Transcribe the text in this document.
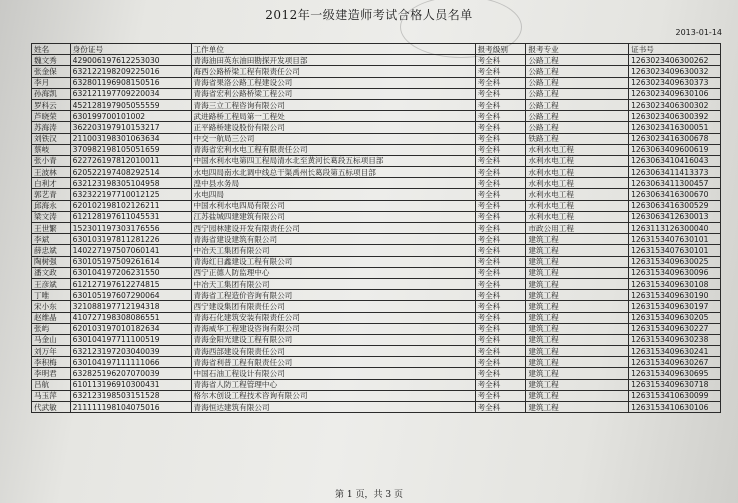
2012年一级建造师考试合格人员名单
2013-01-14
姓名	身份证号	工作单位	报考级别	报考专业	证书号
魏文秀	42900619761225303​0	青海油田英东油田勘探开发项目部	考全科	公路工程	1263023406300262
张金保	632122198209225016	海西公路桥梁工程有限责任公司	考全科	公路工程	1263023409630032
李月	632801196908150516	青海省果洛公路工程建设公司	考全科	公路工程	1263023409630373
孙海凯	632121197709220034	青海省宏利公路桥梁工程公司	考全科	公路工程	1263023409630106
罗科云	452128197905055559	青海三立工程咨询有限公司	考全科	公路工程	1263023406300302
芦晓荣	630199700101002	武进路桥工程局第一工程处	考全科	公路工程	1263023406300392
苏海涛	362203197910153217	正平路桥建设股份有限公司	考全科	公路工程	1263023416300051
刘铁汉	211003198301063634	中交一航局三公司	考全科	铁路工程	1263023416300678
蔡岐	370982198105051659	青海省宏利水电工程有限责任公司	考全科	水利水电工程	1263063409600619
张小青	622726197812010011	中国水利水电第四工程局清水北至黄河长葛段五标项目部	考全科	水利水电工程	1263063410416043
王波林	620522197408292514	水电四局南水北调中线总干渠禹州长葛段第五标项目部	考全科	水利水电工程	1263063411413373
白利才	632123198305104958	湟中县水务局	考全科	水利水电工程	1263063411300457
郭艺青	632322197710012125	水电四局	考全科	水利水电工程	1263063416300670
邱海永	620102198102126211	中国水利水电四局有限公司	考全科	水利水电工程	1263063416300529
梁文涛	612128197611045531	江苏盐城四建建筑有限公司	考全科	水利水电工程	1263063412630013
王世繁	152301197303176556	西宁园林建设开发有限责任公司	考全科	市政公用工程	1263113126300040
李斌	630103197811281226	青海省建设建筑有限公司	考全科	建筑工程	1263153407630101
薛忠斌	140227197507060141	中冶天工集团有限公司	考全科	建筑工程	1263153407630101
陶树强	630105197509261614	青海红日鑫建设工程有限公司	考全科	建筑工程	1263153409630025
潘文政	630104197206231550	西宁正德人防监理中心	考全科	建筑工程	1263153409630096
王彦斌	612127197612274815	中冶天工集团有限公司	考全科	建筑工程	1263153409630108
丁唯	630105197607290064	青海省工程造价咨询有限公司	考全科	建筑工程	1263153409630190
宋小东	321088197712194318	西宁建设集团有限责任公司	考全科	建筑工程	1263153409630197
赵维晶	410727198308086551	青海石化建筑安装有限责任公司	考全科	建筑工程	1263153409630205
张屿	620103197010182634	青海威华工程建设咨询有限公司	考全科	建筑工程	1263153409630227
马金山	630104197711100519	青海金阳光建设工程有限公司	考全科	建筑工程	1263153409630238
刘万年	632123197203040039	青海西部建设有限责任公司	考全科	建筑工程	1263153409630241
李积梅	630104197111111066	青海省利普工程有限责任公司	考全科	建筑工程	1263153409630267
李明君	632825196207070039	中国石油工程设计有限公司	考全科	建筑工程	1263153409630695
吕航	610113196910300431	青海省人防工程管理中心	考全科	建筑工程	1263153409630718
马玉萍	632123198503151528	格尔木创设工程技术咨询有限公司	考全科	建筑工程	1263153410630099
代武敏	211111198104075016	青海恒达建筑有限公司	考全科	建筑工程	1263153410630106
第 1 页，共 3 页
